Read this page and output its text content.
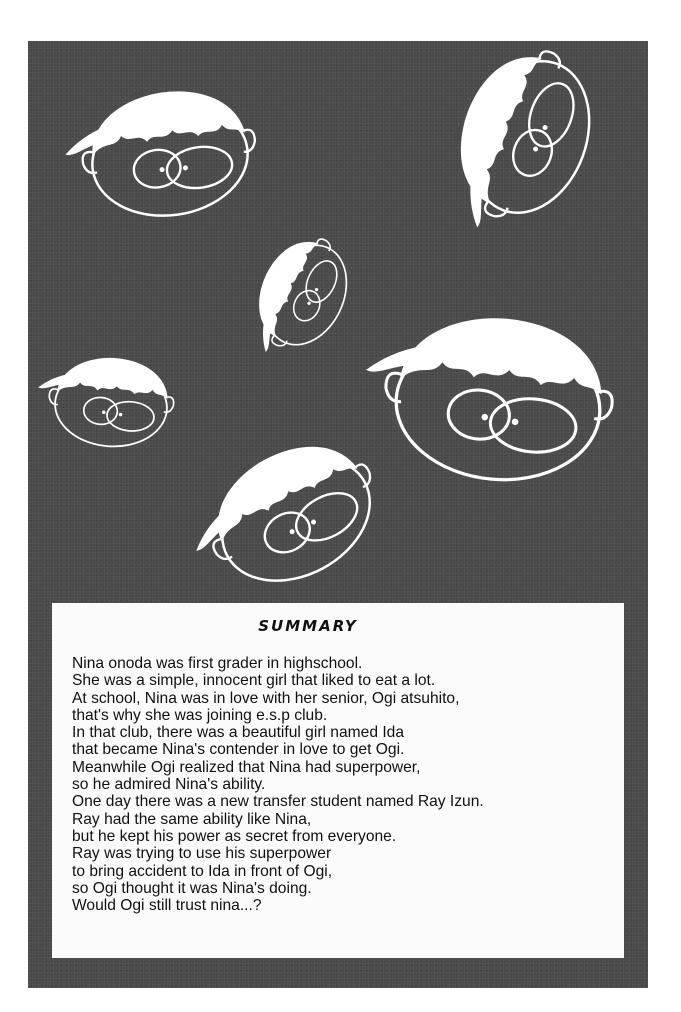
SUMMARY
Nina onoda was first grader in highschool.
She was a simple, innocent girl that liked to eat a lot.
At school, Nina was in love with her senior, Ogi atsuhito,
that's why she was joining e.s.p club.
In that club, there was a beautiful girl named Ida
that became Nina's contender in love to get Ogi.
Meanwhile Ogi realized that Nina had superpower,
so he admired Nina's ability.
One day there was a new transfer student named Ray Izun.
Ray had the same ability like Nina,
but he kept his power as secret from everyone.
Ray was trying to use his superpower
to bring accident to Ida in front of Ogi,
so Ogi thought it was Nina's doing.
Would Ogi still trust nina...?
